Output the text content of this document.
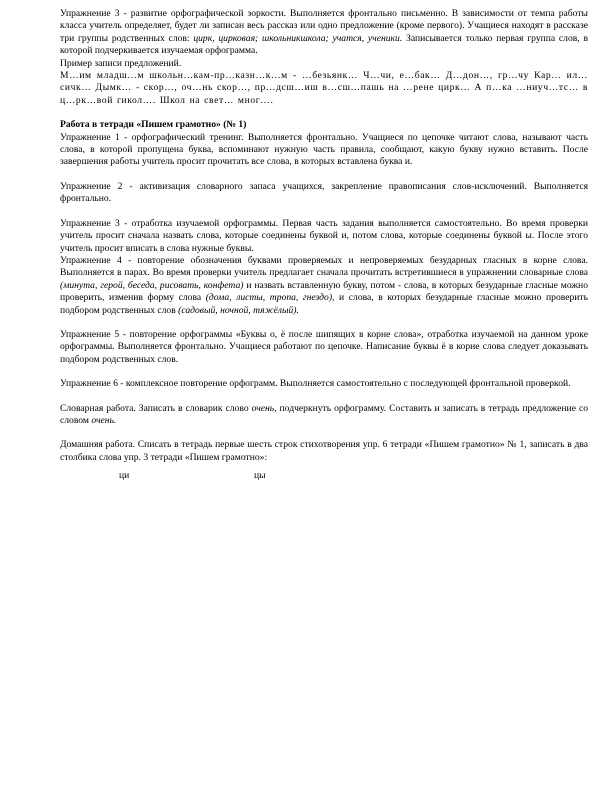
Упражнение 3 - развитие орфографической зоркости. Выполняется фронтально письменно. В зависимости от темпа работы класса учитель определяет, будет ли записан весь рассказ или одно предложение (кроме первого). Учащиеся находят в рассказе три группы родственных слов: цирк, цирковая; школьникшкола; учатся, ученики. Записывается только первая группа слов, в которой подчеркивается изучаемая орфограмма.

Пример записи предложений.

М…им младш…м школьн…кам-пр…казн…к…м - …безьянк… Ч…чи, е…бак… Д…дон…, гр…чу Кар… ил…сичк… Дымк… - скор…, оч…нь скор…, пр…дсш…иш в…сш…пашь на …рене цирк… А п…ка …ниуч…тс… в ц…рк…вой гикол…. Школ на свет… мног….

Работа в тетради «Пишем грамотно» (№ 1)

Упражнение 1 - орфографический тренинг. Выполняется фронтально. Учащиеся по цепочке читают слова, называют часть слова, в которой пропущена буква, вспоминают нужную часть правила, сообщают, какую букву нужно вставить. После завершения работы учитель просит прочитать все слова, в которых вставлена буква и.

Упражнение 2 - активизация словарного запаса учащихся, закрепление правописания слов-исключений. Выполняется фронтально.

Упражнение 3 - отработка изучаемой орфограммы. Первая часть задания выполняется самостоятельно. Во время проверки учитель просит сначала назвать слова, которые соединены буквой и, потом слова, которые соединены буквой ы. После этого учитель просит вписать в слова нужные буквы.

Упражнение 4 - повторение обозначения буквами проверяемых и непроверяемых безударных гласных в корне слова. Выполняется в парах. Во время проверки учитель предлагает сначала прочитать встретившиеся в упражнении словарные слова (минута, герой, беседа, рисовать, конфета) и назвать вставленную букву, потом - слова, в которых безударные гласные можно проверить, изменив форму слова (дома, листы, тропа, гнездо), и слова, в которых безударные гласные можно проверить подбором родственных слов (садовый, ночной, тяжёлый).

Упражнение 5 - повторение орфограммы «Буквы о, ё после шипящих в корне слова», отработка изучаемой на данном уроке орфограммы. Выполняется фронтально. Учащиеся работают по цепочке. Написание буквы ё в корне слова следует доказывать подбором родственных слов.

Упражнение 6 - комплексное повторение орфограмм. Выполняется самостоятельно с последующей фронтальной проверкой.

Словарная работа. Записать в словарик слово очень, подчеркнуть орфограмму. Составить и записать в тетрадь предложение со словом очень.

Домашняя работа. Списать в тетрадь первые шесть строк стихотворения упр. 6 тетради «Пишем грамотно» № 1, записать в два столбика слова упр. 3 тетради «Пишем грамотно»:

ци	цы
